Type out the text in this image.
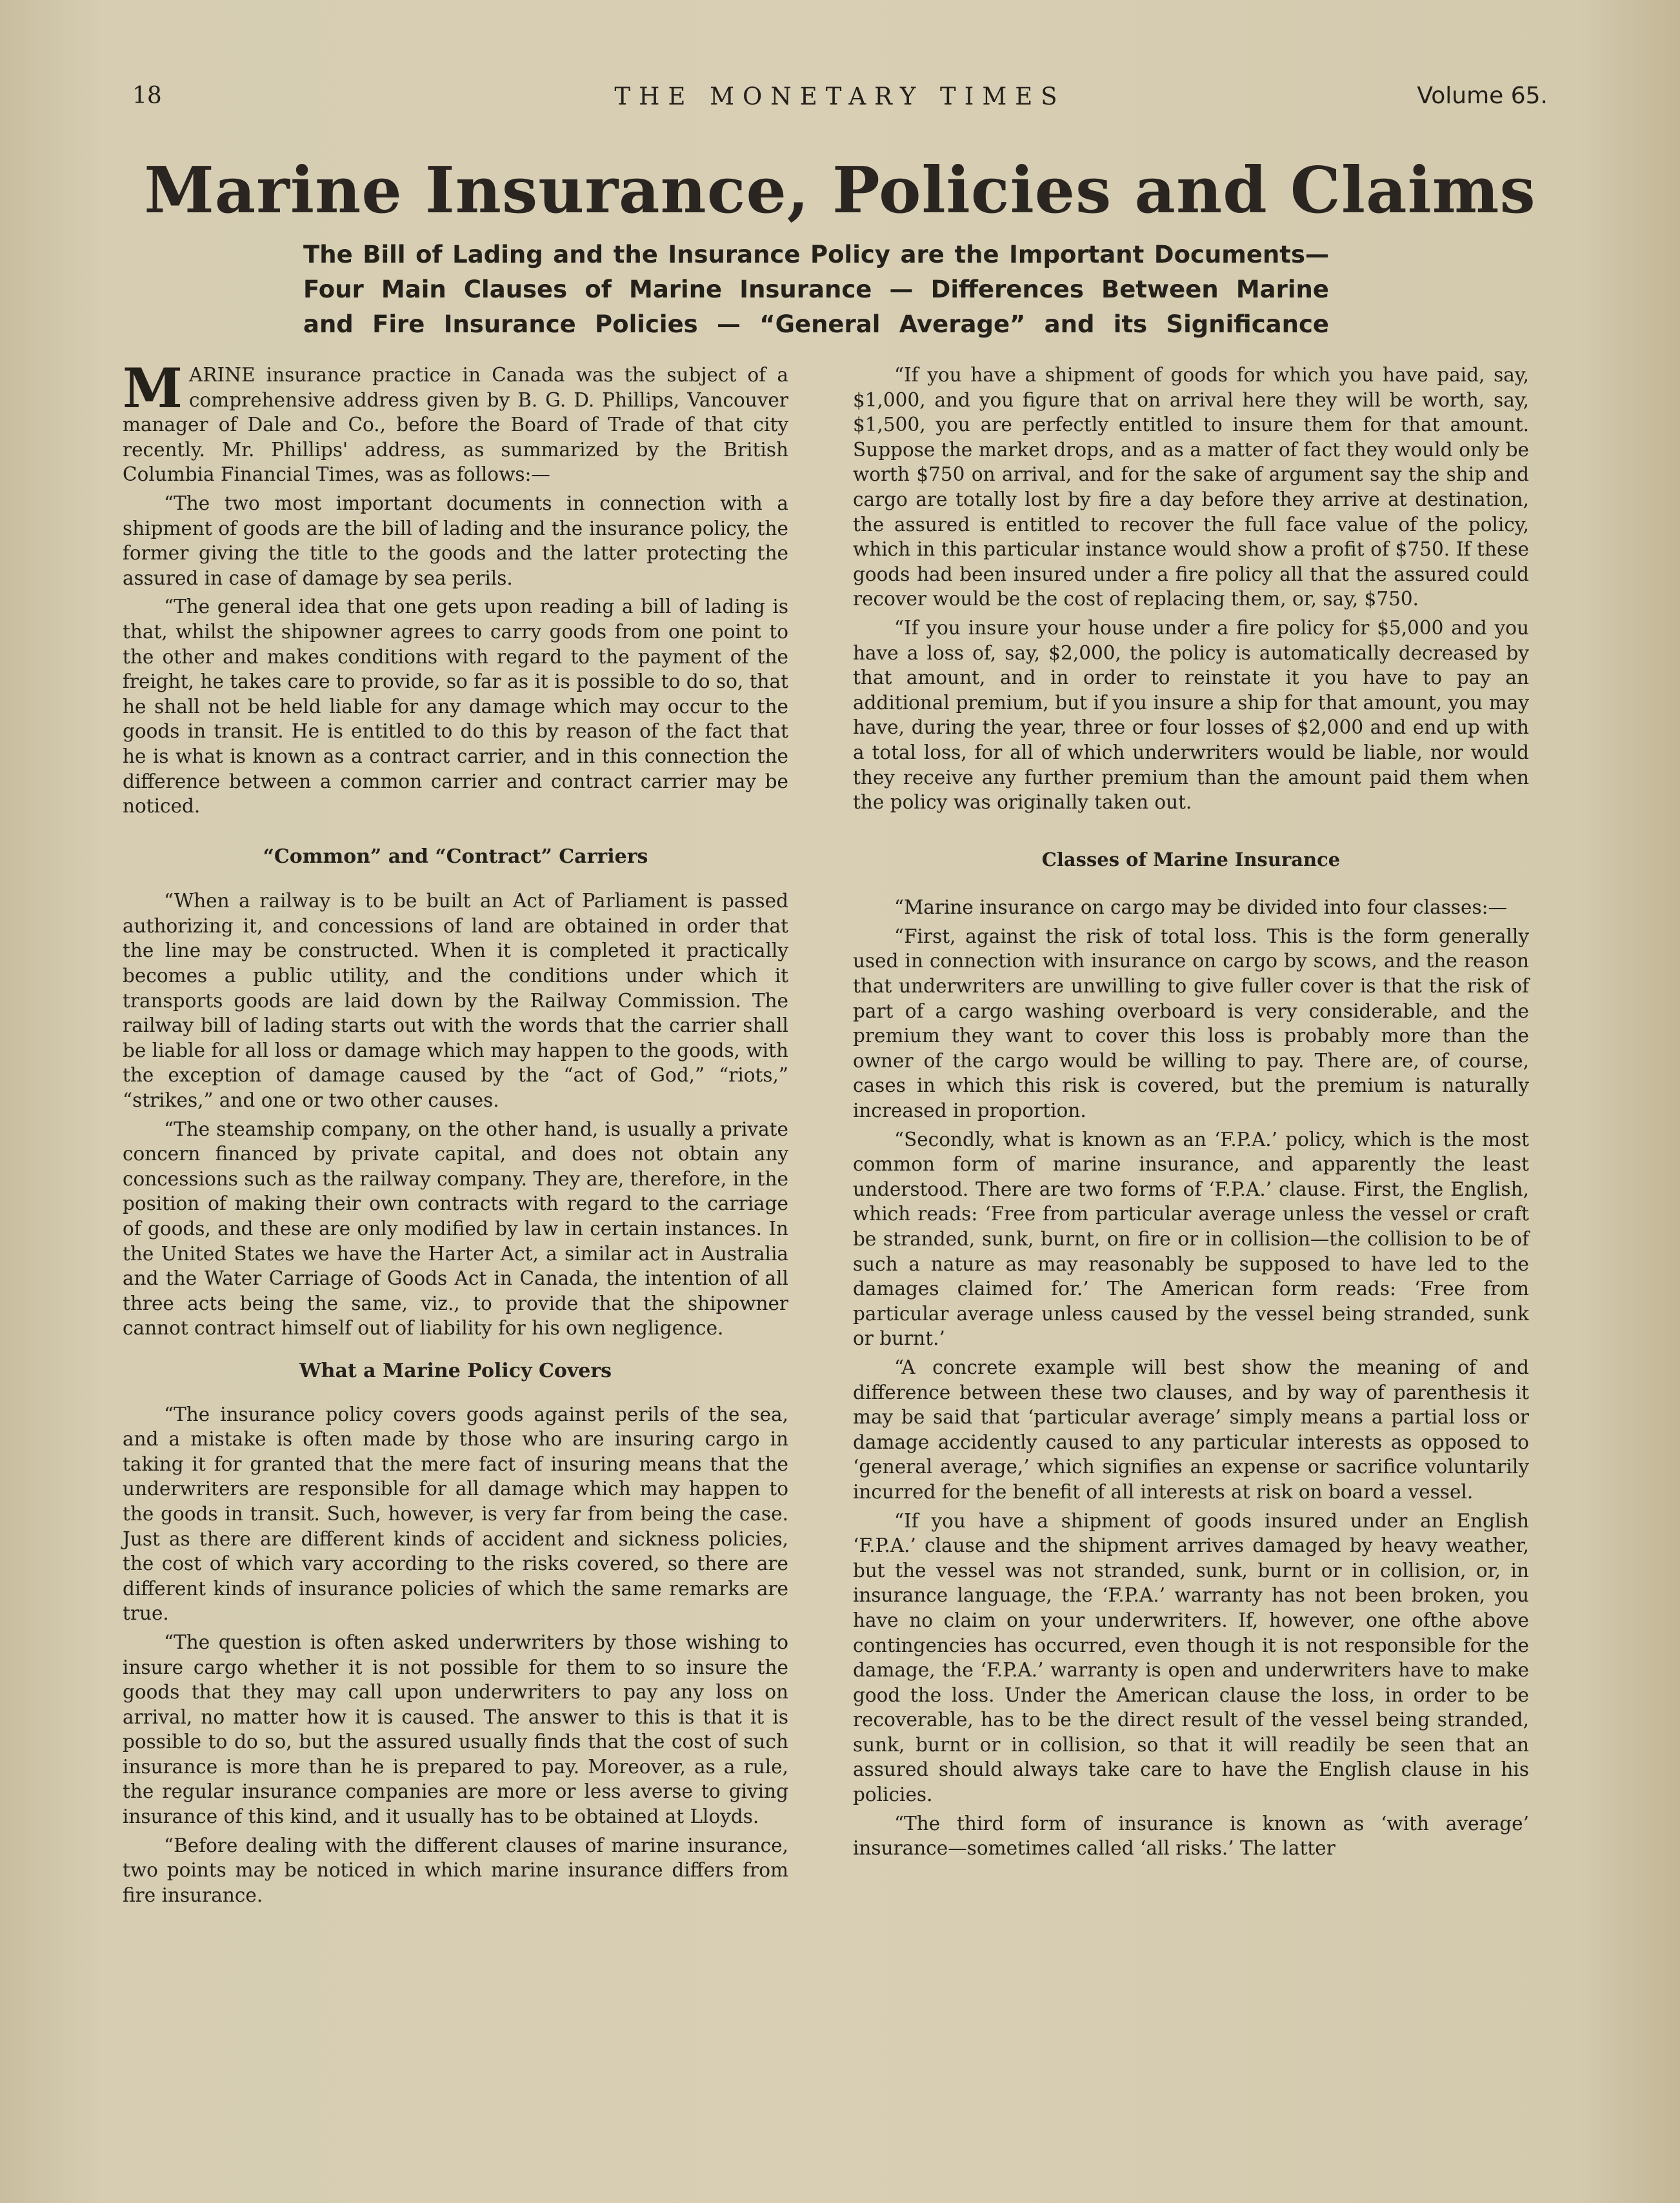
18	THE MONETARY TIMES	Volume 65.
Marine Insurance, Policies and Claims
The Bill of Lading and the Insurance Policy are the Important Documents—
Four Main Clauses of Marine Insurance — Differences Between Marine
and Fire Insurance Policies — “General Average” and its Significance

MARINE insurance practice in Canada was the subject of a comprehensive address given by B. G. D. Phillips, Vancouver manager of Dale and Co., before the Board of Trade of that city recently. Mr. Phillips' address, as summarized by the British Columbia Financial Times, was as follows:—

“The two most important documents in connection with a shipment of goods are the bill of lading and the insurance policy, the former giving the title to the goods and the latter protecting the assured in case of damage by sea perils.

“The general idea that one gets upon reading a bill of lading is that, whilst the shipowner agrees to carry goods from one point to the other and makes conditions with regard to the payment of the freight, he takes care to provide, so far as it is possible to do so, that he shall not be held liable for any damage which may occur to the goods in transit. He is entitled to do this by reason of the fact that he is what is known as a contract carrier, and in this connection the difference between a common carrier and contract carrier may be noticed.

“Common” and “Contract” Carriers

“When a railway is to be built an Act of Parliament is passed authorizing it, and concessions of land are obtained in order that the line may be constructed. When it is completed it practically becomes a public utility, and the conditions under which it transports goods are laid down by the Railway Commission. The railway bill of lading starts out with the words that the carrier shall be liable for all loss or damage which may happen to the goods, with the exception of damage caused by the “act of God,” “riots,” “strikes,” and one or two other causes.

“The steamship company, on the other hand, is usually a private concern financed by private capital, and does not obtain any concessions such as the railway company. They are, therefore, in the position of making their own contracts with regard to the carriage of goods, and these are only modified by law in certain instances. In the United States we have the Harter Act, a similar act in Australia and the Water Carriage of Goods Act in Canada, the intention of all three acts being the same, viz., to provide that the shipowner cannot contract himself out of liability for his own negligence.

What a Marine Policy Covers

“The insurance policy covers goods against perils of the sea, and a mistake is often made by those who are insuring cargo in taking it for granted that the mere fact of insuring means that the underwriters are responsible for all damage which may happen to the goods in transit. Such, however, is very far from being the case. Just as there are different kinds of accident and sickness policies, the cost of which vary according to the risks covered, so there are different kinds of insurance policies of which the same remarks are true.

“The question is often asked underwriters by those wishing to insure cargo whether it is not possible for them to so insure the goods that they may call upon underwriters to pay any loss on arrival, no matter how it is caused. The answer to this is that it is possible to do so, but the assured usually finds that the cost of such insurance is more than he is prepared to pay. Moreover, as a rule, the regular insurance companies are more or less averse to giving insurance of this kind, and it usually has to be obtained at Lloyds.

“Before dealing with the different clauses of marine insurance, two points may be noticed in which marine insurance differs from fire insurance.

“If you have a shipment of goods for which you have paid, say, $1,000, and you figure that on arrival here they will be worth, say, $1,500, you are perfectly entitled to insure them for that amount. Suppose the market drops, and as a matter of fact they would only be worth $750 on arrival, and for the sake of argument say the ship and cargo are totally lost by fire a day before they arrive at destination, the assured is entitled to recover the full face value of the policy, which in this particular instance would show a profit of $750. If these goods had been insured under a fire policy all that the assured could recover would be the cost of replacing them, or, say, $750.

“If you insure your house under a fire policy for $5,000 and you have a loss of, say, $2,000, the policy is automatically decreased by that amount, and in order to reinstate it you have to pay an additional premium, but if you insure a ship for that amount, you may have, during the year, three or four losses of $2,000 and end up with a total loss, for all of which underwriters would be liable, nor would they receive any further premium than the amount paid them when the policy was originally taken out.

Classes of Marine Insurance

“Marine insurance on cargo may be divided into four classes:—

“First, against the risk of total loss. This is the form generally used in connection with insurance on cargo by scows, and the reason that underwriters are unwilling to give fuller cover is that the risk of part of a cargo washing overboard is very considerable, and the premium they want to cover this loss is probably more than the owner of the cargo would be willing to pay. There are, of course, cases in which this risk is covered, but the premium is naturally increased in proportion.

“Secondly, what is known as an ‘F.P.A.’ policy, which is the most common form of marine insurance, and apparently the least understood. There are two forms of ‘F.P.A.’ clause. First, the English, which reads: ‘Free from particular average unless the vessel or craft be stranded, sunk, burnt, on fire or in collision—the collision to be of such a nature as may reasonably be supposed to have led to the damages claimed for.’ The American form reads: ‘Free from particular average unless caused by the vessel being stranded, sunk or burnt.’

“A concrete example will best show the meaning of and difference between these two clauses, and by way of parenthesis it may be said that ‘particular average’ simply means a partial loss or damage accidently caused to any particular interests as opposed to ‘general average,’ which signifies an expense or sacrifice voluntarily incurred for the benefit of all interests at risk on board a vessel.

“If you have a shipment of goods insured under an English ‘F.P.A.’ clause and the shipment arrives damaged by heavy weather, but the vessel was not stranded, sunk, burnt or in collision, or, in insurance language, the ‘F.P.A.’ warranty has not been broken, you have no claim on your underwriters. If, however, one ofthe above contingencies has occurred, even though it is not responsible for the damage, the ‘F.P.A.’ warranty is open and underwriters have to make good the loss. Under the American clause the loss, in order to be recoverable, has to be the direct result of the vessel being stranded, sunk, burnt or in collision, so that it will readily be seen that an assured should always take care to have the English clause in his policies.

“The third form of insurance is known as ‘with average’ insurance—sometimes called ‘all risks.’ The latter
